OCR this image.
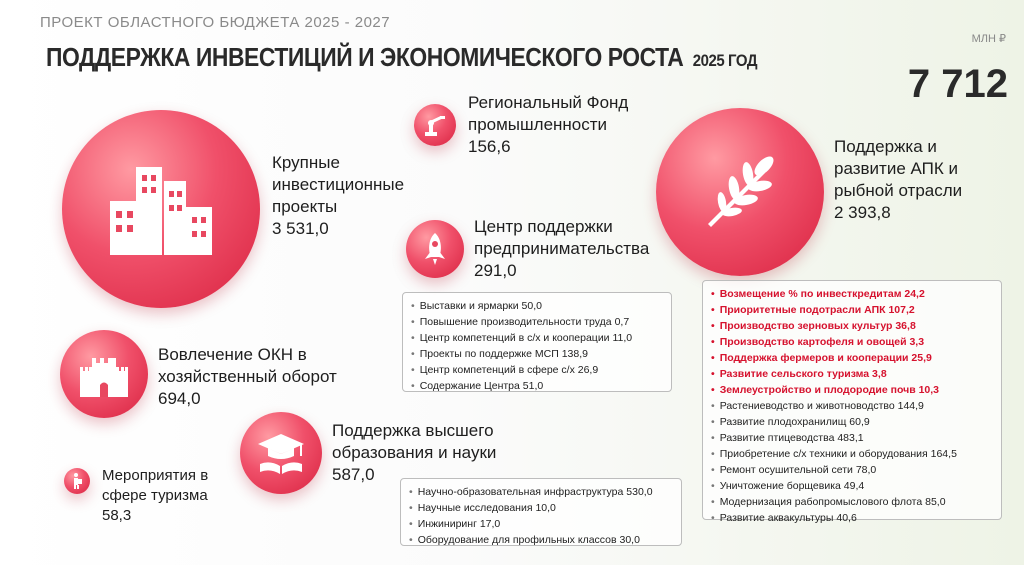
ПРОЕКТ ОБЛАСТНОГО БЮДЖЕТА 2025 - 2027
ПОДДЕРЖКА ИНВЕСТИЦИЙ И ЭКОНОМИЧЕСКОГО РОСТА 2025 ГОД
МЛН ₽
7 712
Крупные
инвестиционные
проекты
3 531,0
Региональный Фонд
промышленности
156,6	Поддержка и
развитие АПК и
рыбной отрасли
2 393,8
Центр поддержки
предпринимательства
291,0
• Выставки и ярмарки 50,0
• Повышение производительности труда 0,7
• Центр компетенций в с/х и кооперации 11,0
• Проекты по поддержке МСП 138,9
• Центр компетенций в сфере с/х 26,9
• Содержание Центра 51,0
• Возмещение % по инвесткредитам 24,2
• Приоритетные подотрасли АПК 107,2
• Производство зерновых культур 36,8
• Производство картофеля и овощей 3,3
• Поддержка фермеров и кооперации 25,9
• Развитие сельского туризма 3,8
• Землеустройство и плодородие почв 10,3
• Растениеводство и животноводство 144,9
• Развитие плодохранилищ 60,9
• Развитие птицеводства 483,1
• Приобретение с/х техники и оборудования 164,5
• Ремонт осушительной сети 78,0
• Уничтожение борщевика 49,4
• Модернизация рабопромыслового флота 85,0
• Развитие аквакультуры 40,6
Вовлечение ОКН в
хозяйственный оборот
694,0
Поддержка высшего
образования и науки
587,0
• Научно-образовательная инфраструктура 530,0
• Научные исследования 10,0
• Инжиниринг 17,0
• Оборудование для профильных классов 30,0
Мероприятия в
сфере туризма
58,3
